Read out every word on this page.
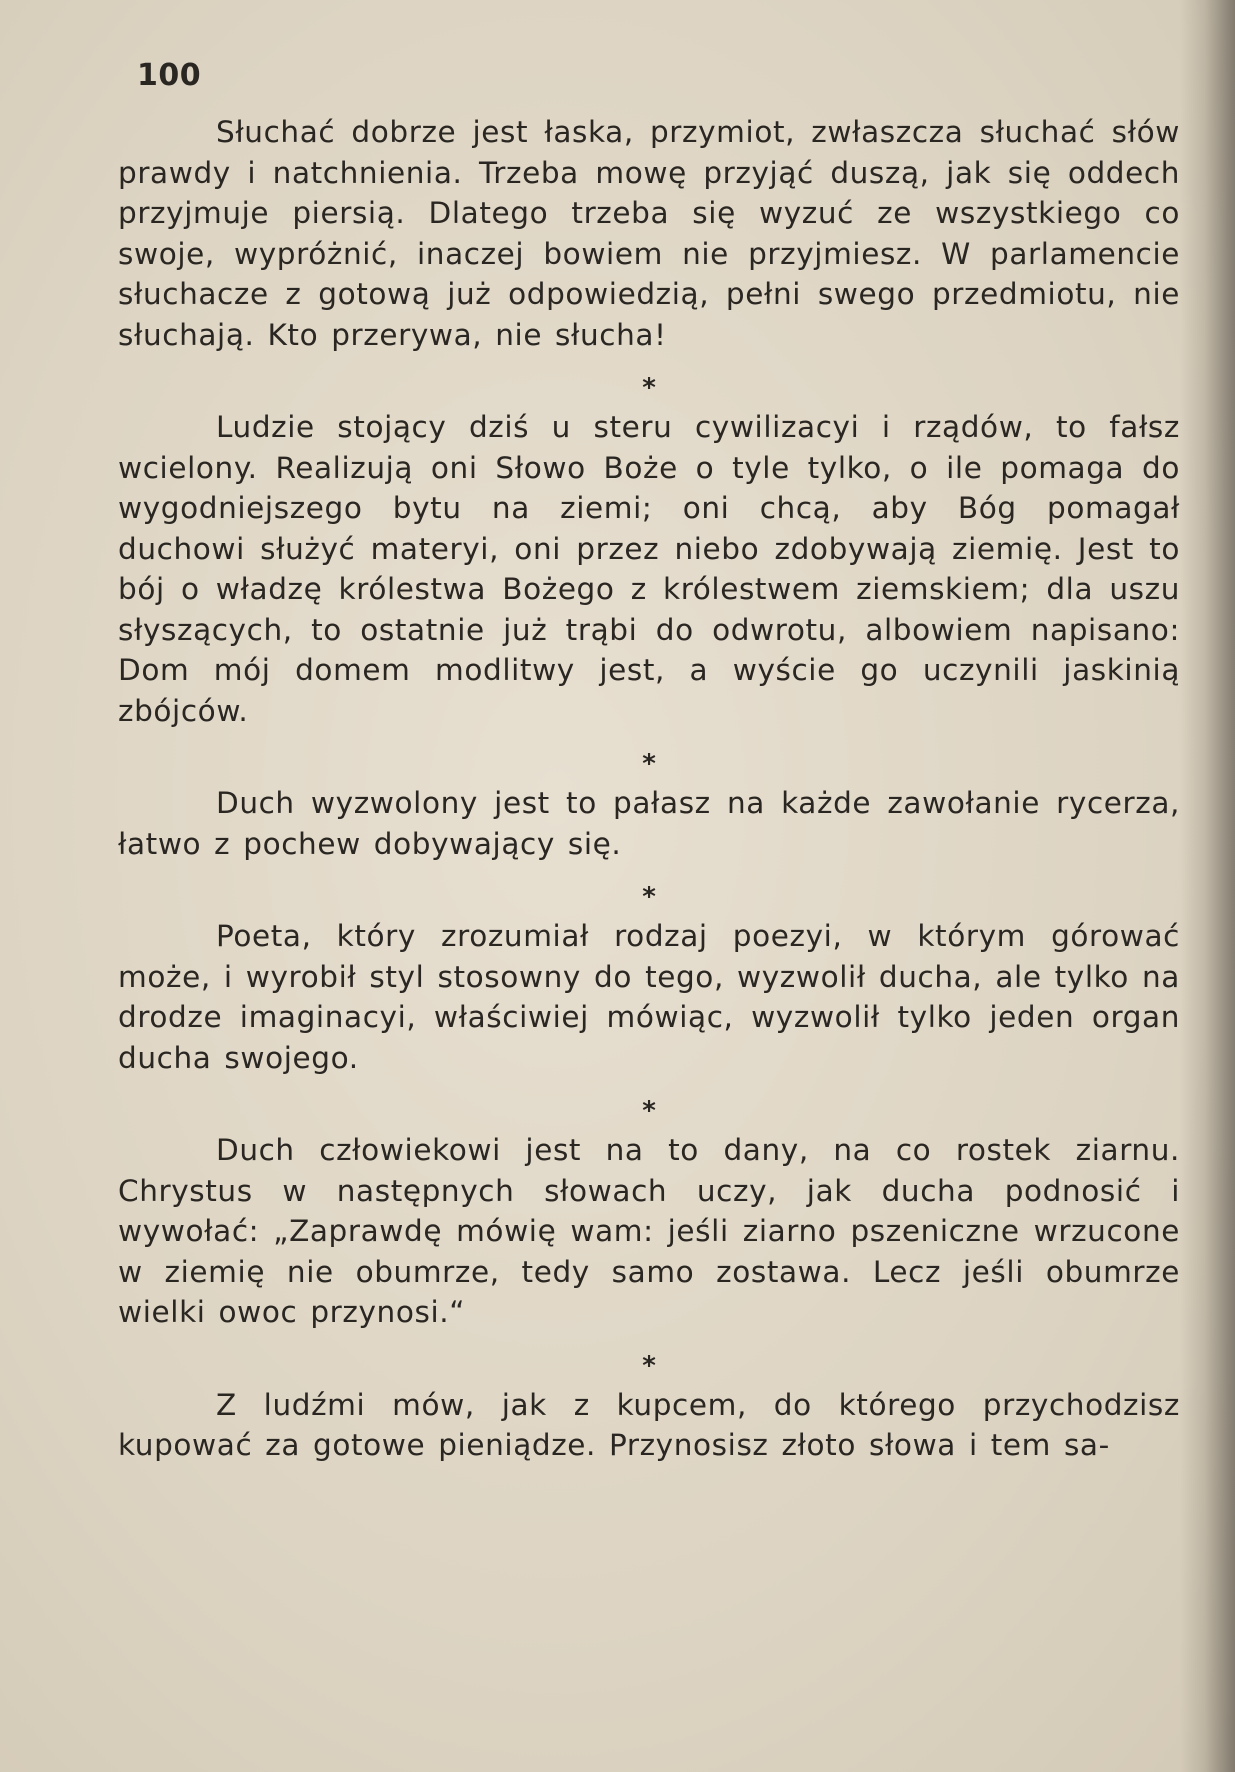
100

Słuchać dobrze jest łaska, przymiot, zwłaszcza słuchać słów prawdy i natchnienia. Trzeba mowę przyjąć duszą, jak się oddech przyjmuje piersią. Dlatego trzeba się wyzuć ze wszystkiego co swoje, wypróżnić, inaczej bowiem nie przyjmiesz. W parlamencie słuchacze z gotową już odpowiedzią, pełni swego przedmiotu, nie słuchają. Kto przerywa, nie słucha!

*

Ludzie stojący dziś u steru cywilizacyi i rządów, to fałsz wcielony. Realizują oni Słowo Boże o tyle tylko, o ile pomaga do wygodniejszego bytu na ziemi; oni chcą, aby Bóg pomagał duchowi służyć materyi, oni przez niebo zdobywają ziemię. Jest to bój o władzę królestwa Bożego z królestwem ziemskiem; dla uszu słyszących, to ostatnie już trąbi do odwrotu, albowiem napisano: Dom mój domem modlitwy jest, a wyście go uczynili jaskinią zbójców.

*

Duch wyzwolony jest to pałasz na każde zawołanie rycerza, łatwo z pochew dobywający się.

*

Poeta, który zrozumiał rodzaj poezyi, w którym górować może, i wyrobił styl stosowny do tego, wyzwolił ducha, ale tylko na drodze imaginacyi, właściwiej mówiąc, wyzwolił tylko jeden organ ducha swojego.

*

Duch człowiekowi jest na to dany, na co rostek ziarnu. Chrystus w następnych słowach uczy, jak ducha podnosić i wywołać: „Zaprawdę mówię wam: jeśli ziarno pszeniczne wrzucone w ziemię nie obumrze, tedy samo zostawa. Lecz jeśli obumrze wielki owoc przynosi.“

*

Z ludźmi mów, jak z kupcem, do którego przychodzisz kupować za gotowe pieniądze. Przynosisz złoto słowa i tem sa-
